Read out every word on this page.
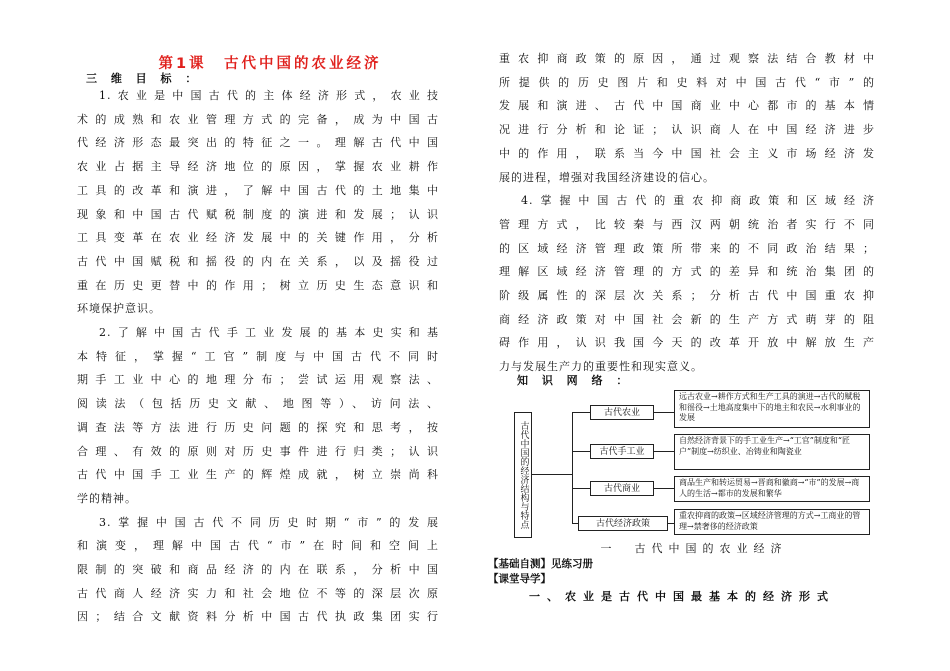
第1课　古代中国的农业经济
三 维 目 标 ：

1.农业是中国古代的主体经济形式，农业技

术的成熟和农业管理方式的完备，成为中国古

代经济形态最突出的特征之一。理解古代中国

农业占据主导经济地位的原因，掌握农业耕作

工具的改革和演进，了解中国古代的土地集中

现象和中国古代赋税制度的演进和发展；认识

工具变革在农业经济发展中的关键作用，分析

古代中国赋税和摇役的内在关系，以及摇役过

重在历史更替中的作用；树立历史生态意识和

环境保护意识。

2.了解中国古代手工业发展的基本史实和基

本特征，掌握“工官”制度与中国古代不同时

期手工业中心的地理分布；尝试运用观察法、

阅读法（包括历史文献、地图等）、访问法、

调查法等方法进行历史问题的探究和思考，按

合理、有效的原则对历史事件进行归类；认识

古代中国手工业生产的辉煌成就，树立崇尚科

学的精神。

3.掌握中国古代不同历史时期“市”的发展

和演变，理解中国古代“市”在时间和空间上

限制的突破和商品经济的内在联系，分析中国

古代商人经济实力和社会地位不等的深层次原

因；结合文献资料分析中国古代执政集团实行

重农抑商政策的原因，通过观察法结合教材中

所提供的历史图片和史料对中国古代“市”的

发展和演进、古代中国商业中心都市的基本情

况进行分析和论证；认识商人在中国经济进步

中的作用，联系当今中国社会主义市场经济发

展的进程，增强对我国经济建设的信心。

4.掌握中国古代的重农抑商政策和区域经济

管理方式，比较秦与西汉两朝统治者实行不同

的区域经济管理政策所带来的不同政治结果；

理解区域经济管理的方式的差异和统治集团的

阶级属性的深层次关系；分析古代中国重农抑

商经济政策对中国社会新的生产方式萌芽的阻

碍作用，认识我国今天的改革开放中解放生产

力与发展生产力的重要性和现实意义。

知 识 网 络 ：
古代中国的经济结构与特点
古代农业
古代手工业
古代商业
古代经济政策
远古农业→耕作方式和生产工具的演进→古代的赋税和徭役→土地高度集中下的地主和农民→水利事业的发展
自然经济背景下的手工业生产→“工官”制度和“匠户”制度→纺织业、冶铸业和陶瓷业
商品生产和转运贸易→晋商和徽商→“市”的发展→商人的生活→都市的发展和繁华
重农抑商的政策→区域经济管理的方式→工商业的管理→禁奢侈的经济政策
一　古代中国的农业经济
【基础自测】见练习册
【课堂导学】
一、农业是古代中国最基本的经济形式
